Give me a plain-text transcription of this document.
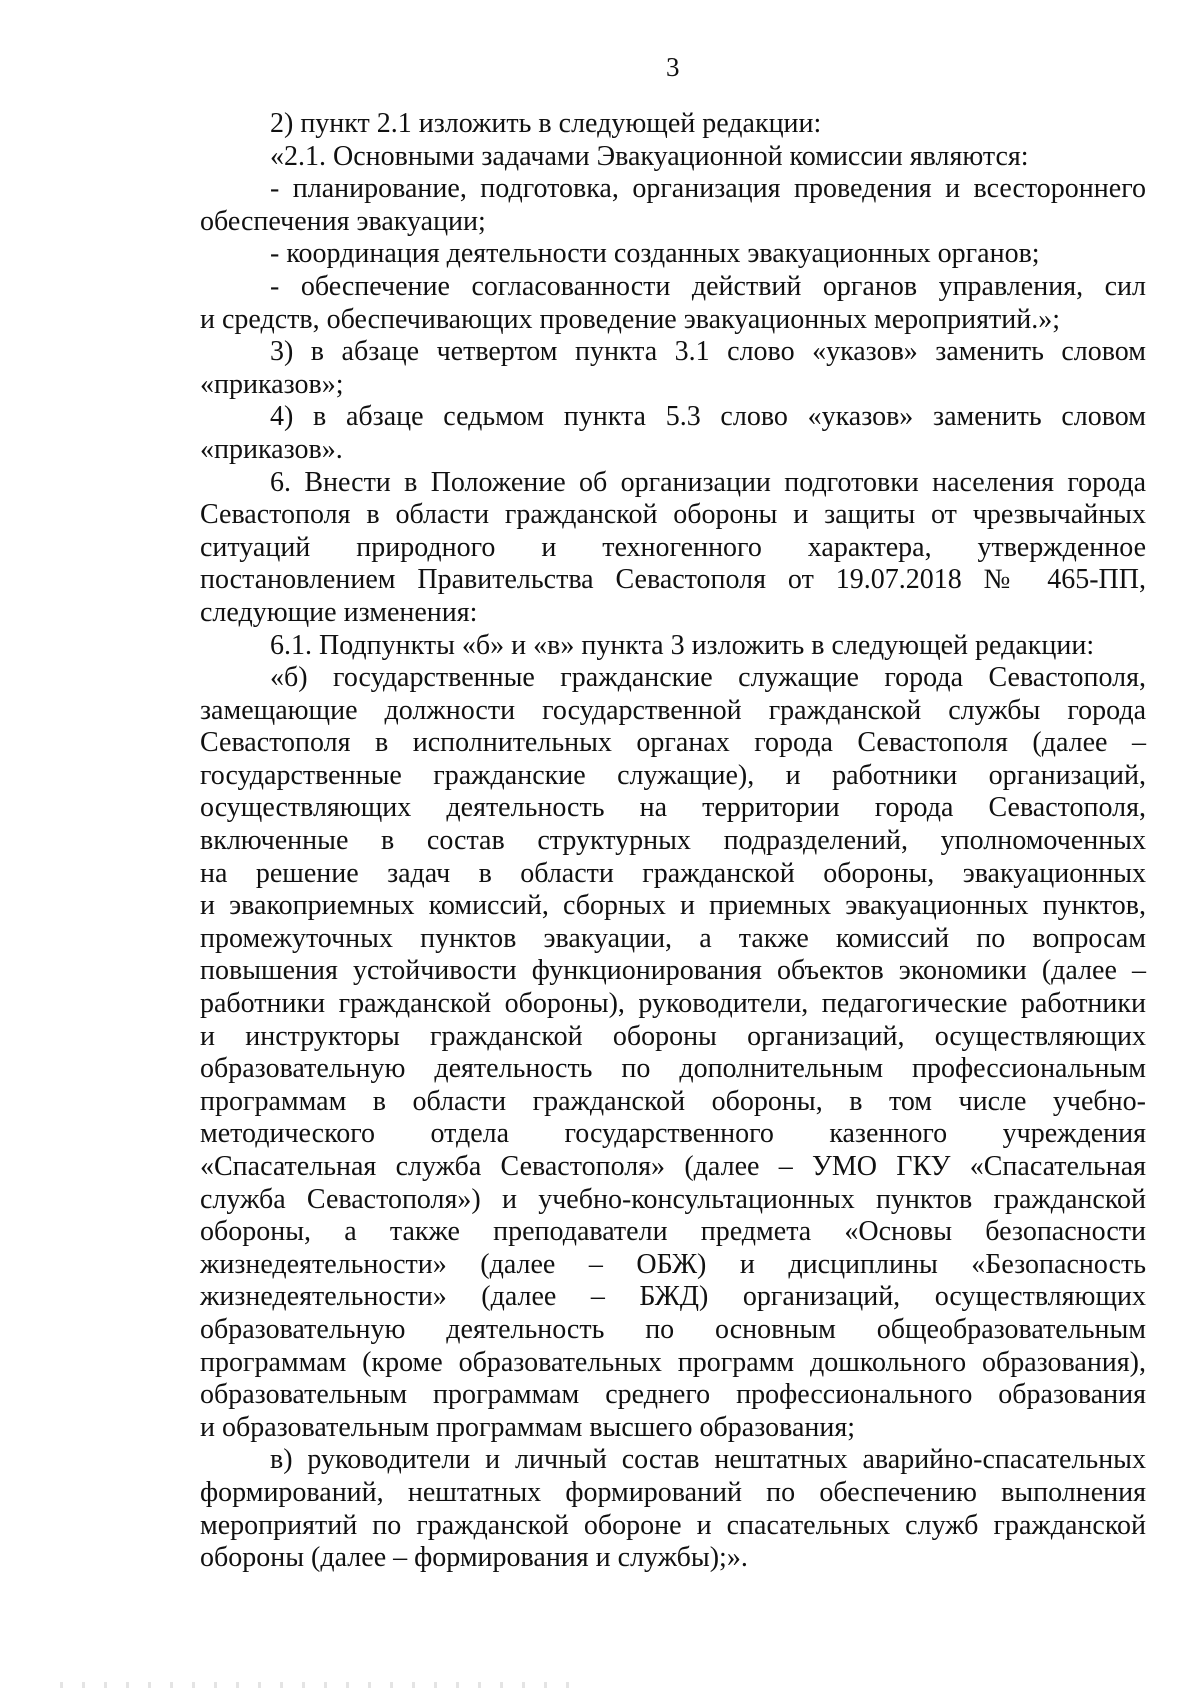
3
2) пункт 2.1 изложить в следующей редакции:
«2.1. Основными задачами Эвакуационной комиссии являются:
- планирование, подготовка, организация проведения и всестороннего
обеспечения эвакуации;
- координация деятельности созданных эвакуационных органов;
- обеспечение согласованности действий органов управления, сил
и средств, обеспечивающих проведение эвакуационных мероприятий.»;
3) в абзаце четвертом пункта 3.1 слово «указов» заменить словом
«приказов»;
4) в абзаце седьмом пункта 5.3 слово «указов» заменить словом
«приказов».
6. Внести в Положение об организации подготовки населения города
Севастополя в области гражданской обороны и защиты от чрезвычайных
ситуаций природного и техногенного характера, утвержденное
постановлением Правительства Севастополя от 19.07.2018 № 465-ПП,
следующие изменения:
6.1. Подпункты «б» и «в» пункта 3 изложить в следующей редакции:
«б) государственные гражданские служащие города Севастополя,
замещающие должности государственной гражданской службы города
Севастополя в исполнительных органах города Севастополя (далее –
государственные гражданские служащие), и работники организаций,
осуществляющих деятельность на территории города Севастополя,
включенные в состав структурных подразделений, уполномоченных
на решение задач в области гражданской обороны, эвакуационных
и эвакоприемных комиссий, сборных и приемных эвакуационных пунктов,
промежуточных пунктов эвакуации, а также комиссий по вопросам
повышения устойчивости функционирования объектов экономики (далее –
работники гражданской обороны), руководители, педагогические работники
и инструкторы гражданской обороны организаций, осуществляющих
образовательную деятельность по дополнительным профессиональным
программам в области гражданской обороны, в том числе учебно-
методического отдела государственного казенного учреждения
«Спасательная служба Севастополя» (далее – УМО ГКУ «Спасательная
служба Севастополя») и учебно-консультационных пунктов гражданской
обороны, а также преподаватели предмета «Основы безопасности
жизнедеятельности» (далее – ОБЖ) и дисциплины «Безопасность
жизнедеятельности» (далее – БЖД) организаций, осуществляющих
образовательную деятельность по основным общеобразовательным
программам (кроме образовательных программ дошкольного образования),
образовательным программам среднего профессионального образования
и образовательным программам высшего образования;
в) руководители и личный состав нештатных аварийно-спасательных
формирований, нештатных формирований по обеспечению выполнения
мероприятий по гражданской обороне и спасательных служб гражданской
обороны (далее – формирования и службы);».
